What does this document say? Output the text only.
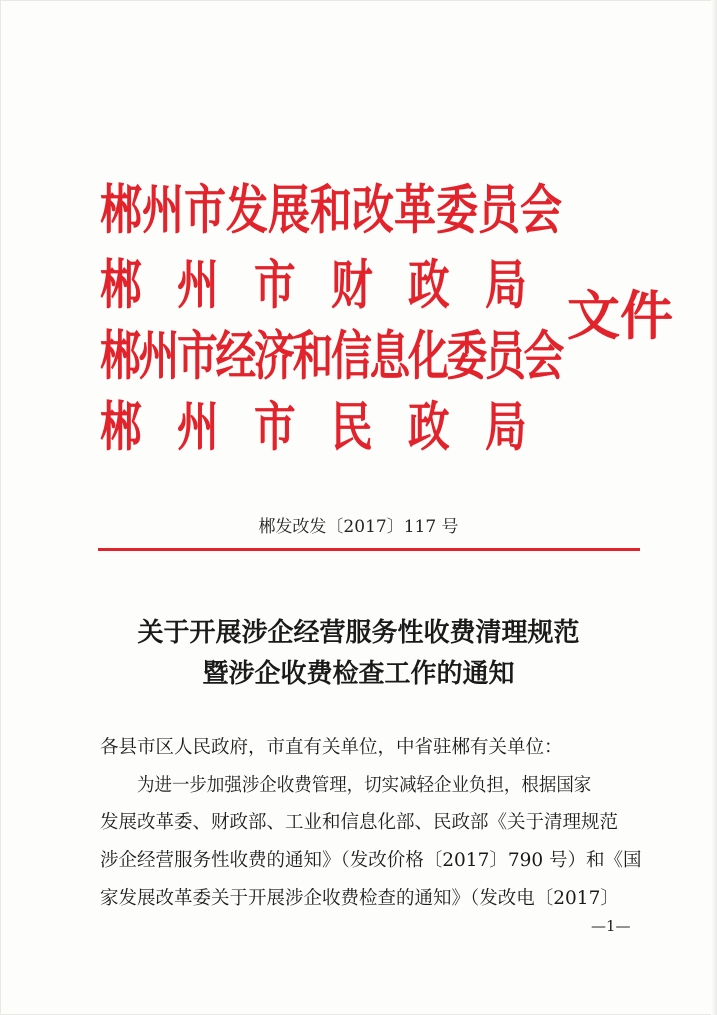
郴州市发展和改革委员会
郴州市财政局
郴州市经济和信息化委员会
郴州市民政局
文件
郴发改发〔2017〕117 号
关于开展涉企经营服务性收费清理规范
暨涉企收费检查工作的通知
各县市区人民政府，市直有关单位，中省驻郴有关单位：
为进一步加强涉企收费管理，切实减轻企业负担，根据国家
发展改革委、财政部、工业和信息化部、民政部《关于清理规范
涉企经营服务性收费的通知》（发改价格〔2017〕790 号）和《国
家发展改革委关于开展涉企收费检查的通知》（发改电〔2017〕
—1—
